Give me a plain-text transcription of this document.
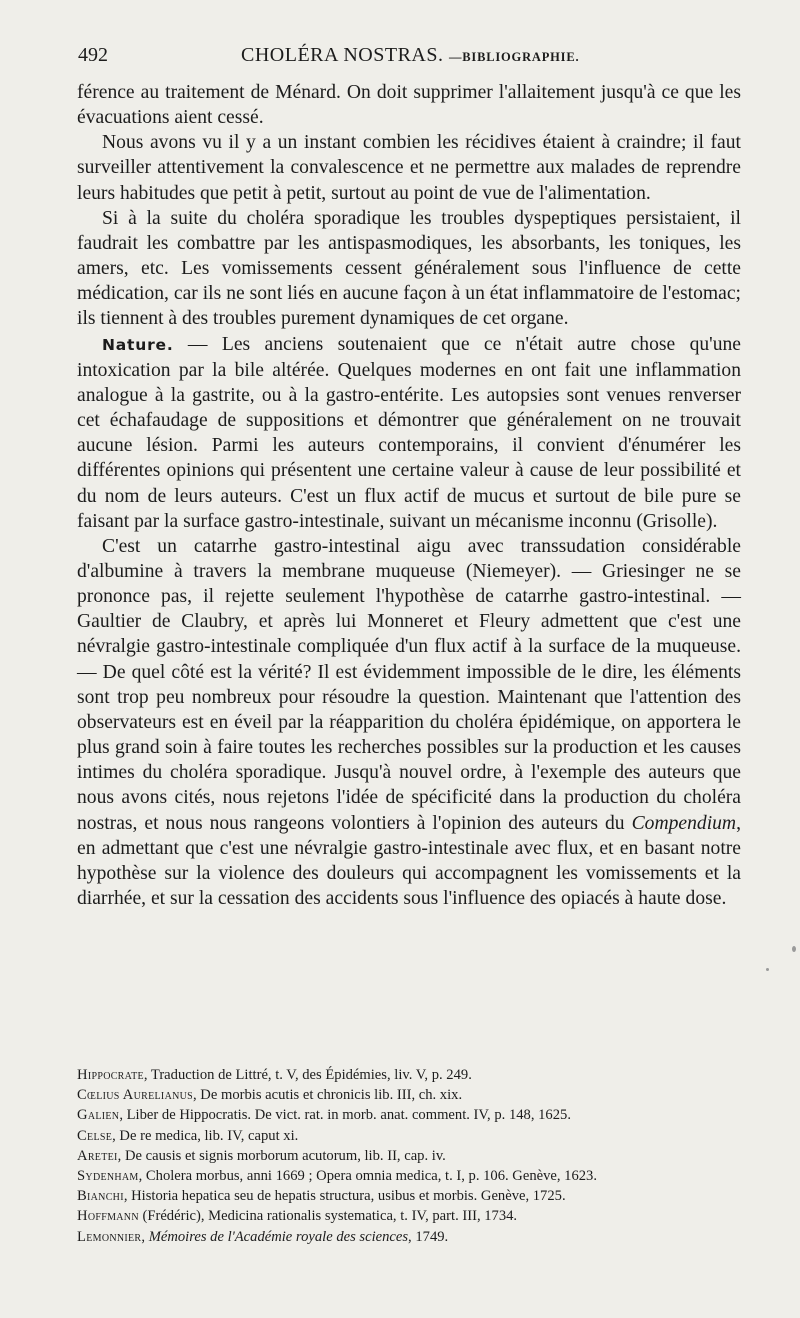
492	CHOLÉRA NOSTRAS. —BIBLIOGRAPHIE.

férence au traitement de Ménard. On doit supprimer l'allaitement jusqu'à ce que les évacuations aient cessé.

Nous avons vu il y a un instant combien les récidives étaient à craindre; il faut surveiller attentivement la convalescence et ne permettre aux malades de reprendre leurs habitudes que petit à petit, surtout au point de vue de l'alimentation.

Si à la suite du choléra sporadique les troubles dyspeptiques persistaient, il faudrait les combattre par les antispasmodiques, les absorbants, les toniques, les amers, etc. Les vomissements cessent généralement sous l'influence de cette médication, car ils ne sont liés en aucune façon à un état inflammatoire de l'estomac; ils tiennent à des troubles purement dynamiques de cet organe.

Nature. — Les anciens soutenaient que ce n'était autre chose qu'une intoxication par la bile altérée. Quelques modernes en ont fait une inflammation analogue à la gastrite, ou à la gastro-entérite. Les autopsies sont venues renverser cet échafaudage de suppositions et démontrer que généralement on ne trouvait aucune lésion. Parmi les auteurs contemporains, il convient d'énumérer les différentes opinions qui présentent une certaine valeur à cause de leur possibilité et du nom de leurs auteurs. C'est un flux actif de mucus et surtout de bile pure se faisant par la surface gastro-intestinale, suivant un mécanisme inconnu (Grisolle).

C'est un catarrhe gastro-intestinal aigu avec transsudation considérable d'albumine à travers la membrane muqueuse (Niemeyer). — Griesinger ne se prononce pas, il rejette seulement l'hypothèse de catarrhe gastro-intestinal. — Gaultier de Claubry, et après lui Monneret et Fleury admettent que c'est une névralgie gastro-intestinale compliquée d'un flux actif à la surface de la muqueuse. — De quel côté est la vérité? Il est évidemment impossible de le dire, les éléments sont trop peu nombreux pour résoudre la question. Maintenant que l'attention des observateurs est en éveil par la réapparition du choléra épidémique, on apportera le plus grand soin à faire toutes les recherches possibles sur la production et les causes intimes du choléra sporadique. Jusqu'à nouvel ordre, à l'exemple des auteurs que nous avons cités, nous rejetons l'idée de spécificité dans la production du choléra nostras, et nous nous rangeons volontiers à l'opinion des auteurs du Compendium, en admettant que c'est une névralgie gastro-intestinale avec flux, et en basant notre hypothèse sur la violence des douleurs qui accompagnent les vomissements et la diarrhée, et sur la cessation des accidents sous l'influence des opiacés à haute dose.

Hippocrate, Traduction de Littré, t. V, des Épidémies, liv. V, p. 249.
Cœlius Aurelianus, De morbis acutis et chronicis lib. III, ch. xix.
Galien, Liber de Hippocratis. De vict. rat. in morb. anat. comment. IV, p. 148, 1625.
Celse, De re medica, lib. IV, caput xi.
Aretei, De causis et signis morborum acutorum, lib. II, cap. iv.
Sydenham, Cholera morbus, anni 1669 ; Opera omnia medica, t. I, p. 106. Genève, 1623.
Bianchi, Historia hepatica seu de hepatis structura, usibus et morbis. Genève, 1725.
Hoffmann (Frédéric), Medicina rationalis systematica, t. IV, part. III, 1734.
Lemonnier, Mémoires de l'Académie royale des sciences, 1749.
